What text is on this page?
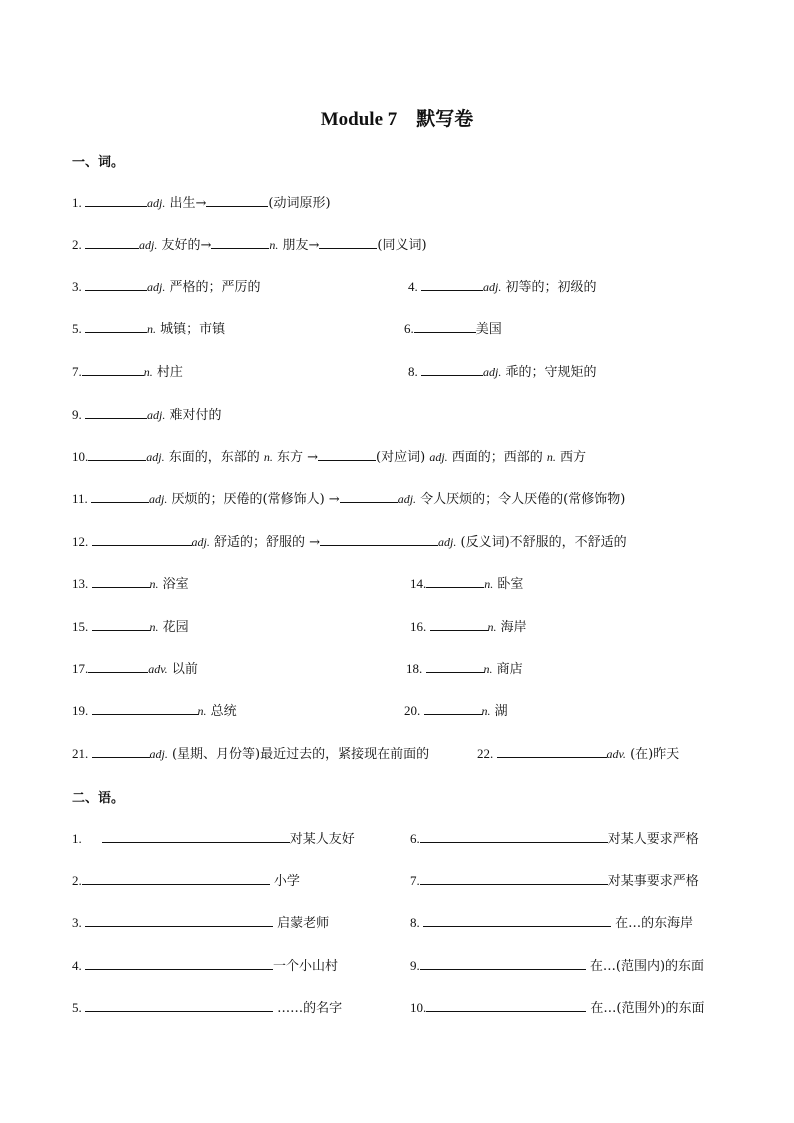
Module 7　默写卷
一、词。
1.	adj. 出生→	(动词原形)
2.	adj. 友好的→	n. 朋友→	(同义词)
3.	adj. 严格的；严厉的	4.	adj. 初等的；初级的
5.	n. 城镇；市镇	6.	美国
7.	n. 村庄	8.	adj. 乖的；守规矩的
9.	adj. 难对付的
10.	adj. 东面的，东部的 n. 东方 →	(对应词) adj. 西面的；西部的 n. 西方
11.	adj. 厌烦的；厌倦的(常修饰人) →	adj. 令人厌烦的；令人厌倦的(常修饰物)
12.	adj. 舒适的；舒服的 →	adj. (反义词)不舒服的，不舒适的
13.	n. 浴室	14.	n. 卧室
15.	n. 花园	16.	n. 海岸
17.	adv. 以前	18.	n. 商店
19.	n. 总统	20.	n. 湖
21.	adj. (星期、月份等)最近过去的，紧接现在前面的	22.	adv. (在)昨天
二、语。
1.	对某人友好
2.	小学
3.	启蒙老师
4.	一个小山村
5.	……的名字
6.	对某人要求严格
7.	对某事要求严格
8.	在…的东海岸
9.	在…(范围内)的东面
10.	在…(范围外)的东面
